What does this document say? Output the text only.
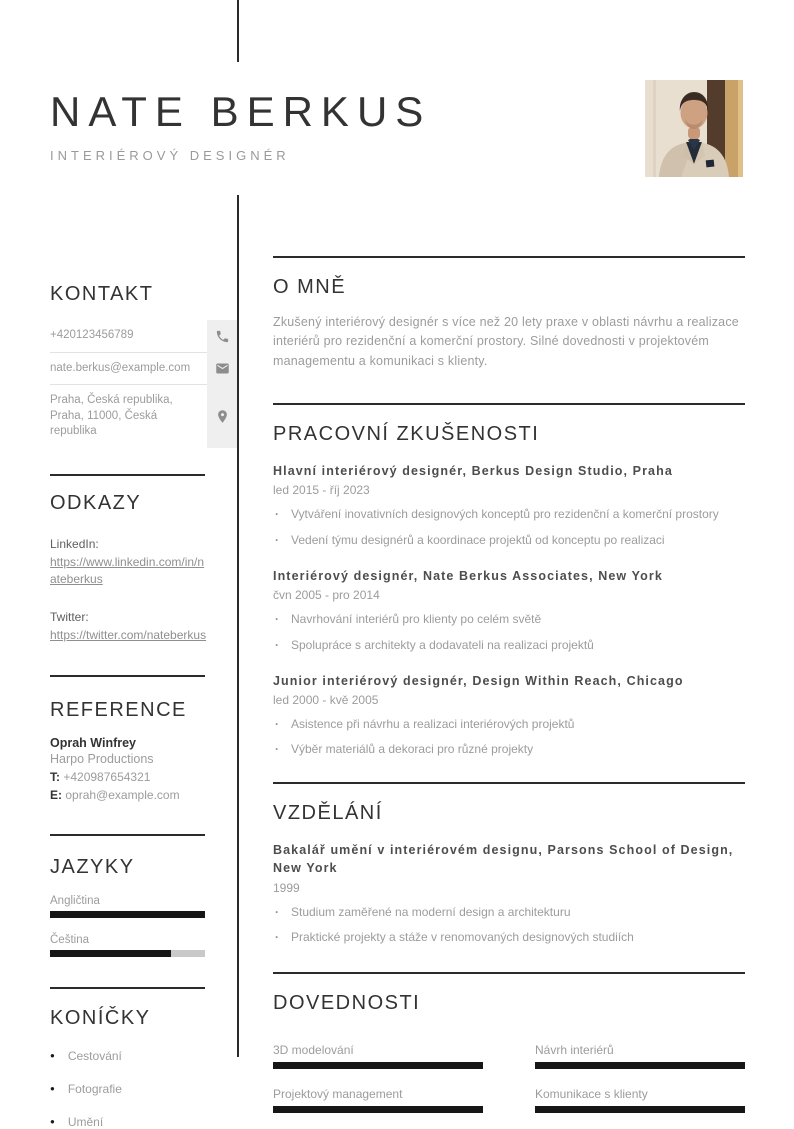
NATE BERKUS
INTERIÉROVÝ DESIGNÉR
KONTAKT
+420123456789
nate.berkus@example.com
Praha, Česká republika,
Praha, 11000, Česká republika
ODKAZY
LinkedIn:
https://www.linkedin.com/in/nateberkus
Twitter:
https://twitter.com/nateberkus
REFERENCE
Oprah Winfrey
Harpo Productions
T: +420987654321
E: oprah@example.com
JAZYKY
Angličtina
Čeština
KONÍČKY
● Cestování
● Fotografie
● Umění
O MNĚ

Zkušený interiérový designér s více než 20 lety praxe v oblasti návrhu a realizace interiérů pro rezidenční a komerční prostory. Silné dovednosti v projektovém managementu a komunikaci s klienty.

PRACOVNÍ ZKUŠENOSTI
Hlavní interiérový designér, Berkus Design Studio, Praha
led 2015 - říj 2023
· Vytváření inovativních designových konceptů pro rezidenční a komerční prostory
· Vedení týmu designérů a koordinace projektů od konceptu po realizaci
Interiérový designér, Nate Berkus Associates, New York
čvn 2005 - pro 2014
· Navrhování interiérů pro klienty po celém světě
· Spolupráce s architekty a dodavateli na realizaci projektů
Junior interiérový designér, Design Within Reach, Chicago
led 2000 - kvě 2005
· Asistence při návrhu a realizaci interiérových projektů
· Výběr materiálů a dekoraci pro různé projekty
VZDĚLÁNÍ
Bakalář umění v interiérovém designu, Parsons School of Design, New York
1999
· Studium zaměřené na moderní design a architekturu
· Praktické projekty a stáže v renomovaných designových studiích
DOVEDNOSTI
3D modelování	Návrh interiérů
Projektový management	Komunikace s klienty
